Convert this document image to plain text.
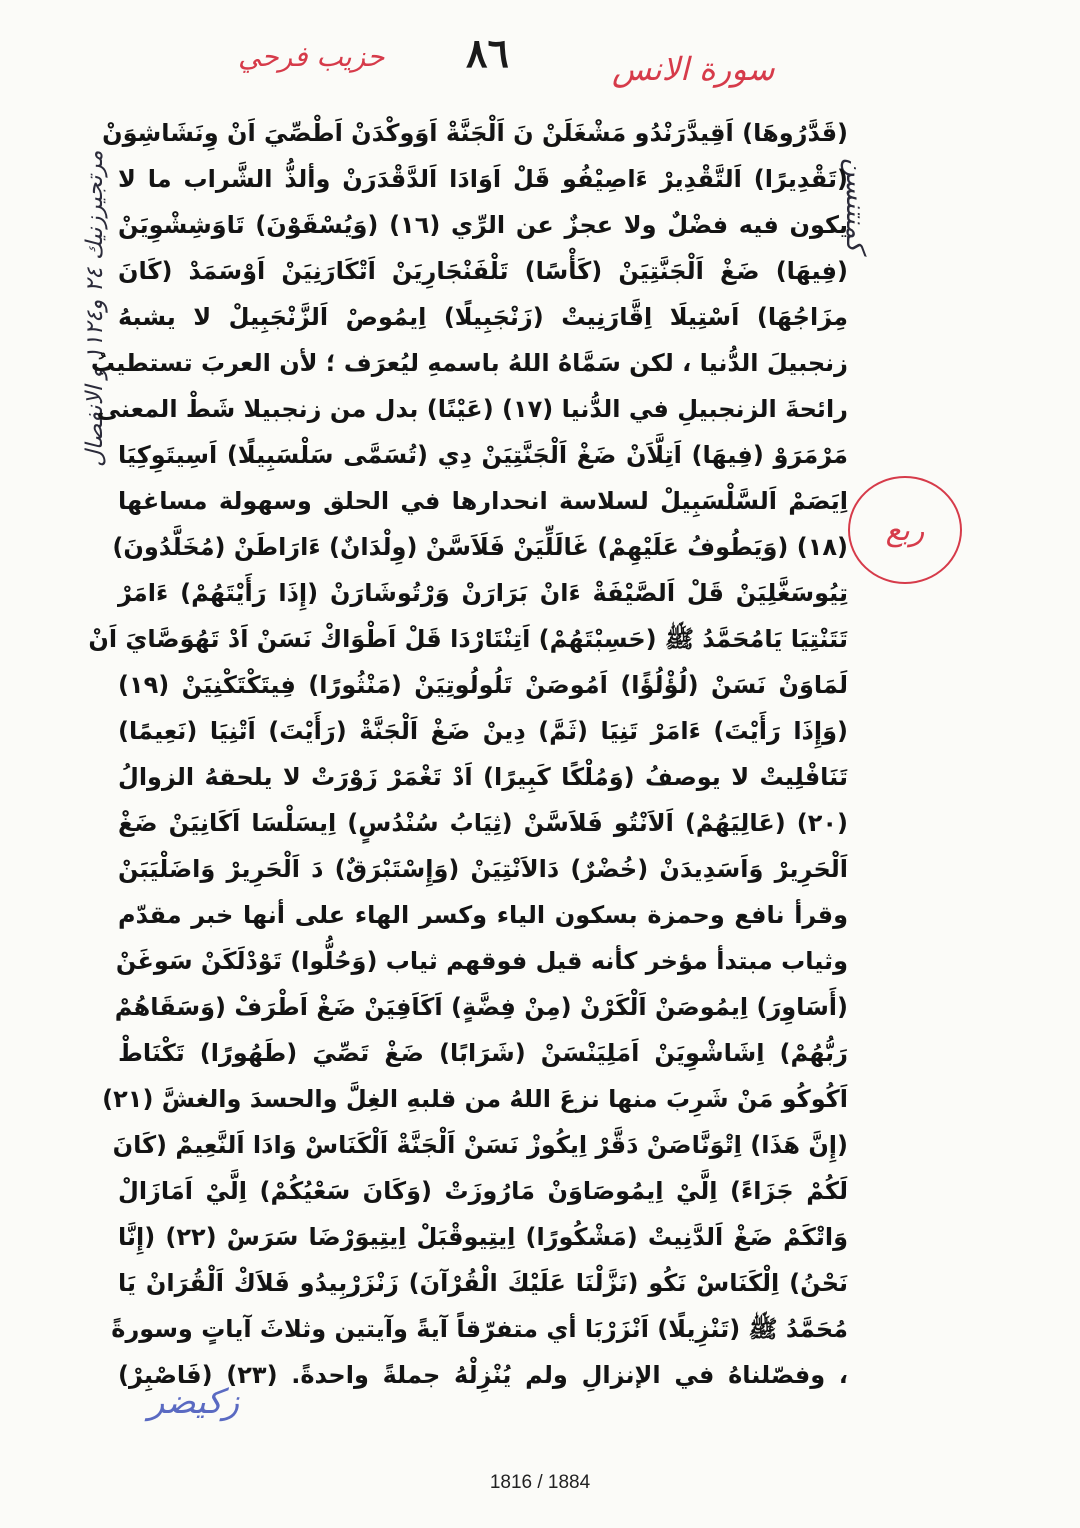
حزيب فرحي ٨٦	سورة الانس
كمنتنسن
مرتجيرزنيك ٢٤ و١١٢٤ و الانفصال
ربع
(قَدَّرُوهَا) اَقِيدَّرَنْدُو مَشْغَلَنْ نَ اَلْجَنَّةْ اَوَوكْدَنْ اَطْصِّيَ اَنْ وِنَشَاشِوَنْ
(تَقْدِيرًا) اَلتَّقْدِيرْ ءَاصِيْفُو قَلْ اَوَادَا اَلدَّقْدَرَنْ وألذُّ الشَّراب ما لا
يكون فيه فضْلٌ ولا عجزٌ عن الرِّي (١٦) (وَيُسْقَوْنَ) تَاوَشِشْوِيَنْ
(فِيهَا) ضَغْ اَلْجَنَّتِيَنْ (كَأْسًا) تَلْفَنْجَارِيَنْ اَتْكَارَنِيَنْ اَوْسَمَدْ (كَانَ
مِزَاجُهَا) اَسْتِيلَا اِقَّارَنِيتْ (زَنْجَبِيلًا) اِيمُوصْ اَلزَّنْجَبِيلْ لا يشبهُ
زنجبيلَ الدُّنيا ، لكن سَمَّاهُ اللهُ باسمهِ ليُعرَف ؛ لأن العربَ تستطيبُ
رائحةَ الزنجبيلِ في الدُّنيا (١٧) (عَيْنًا) بدل من زنجبيلا شَطْ المعنى
مَرْمَرَوْ (فِيهَا) اَتِلَّاَنْ ضَغْ اَلْجَنَّتِيَنْ دِي (تُسَمَّى سَلْسَبِيلًا) اَسِيتَوِكِيَا
اِيَصَمْ اَلسَّلْسَبِيلْ لسلاسة انحدارها في الحلق وسهولة مساغها
(١٨) (وَيَطُوفُ عَلَيْهِمْ) غَالَلِّيَنْ فَلَاَسَّنْ (وِلْدَانٌ) ءَارَاطَنْ (مُخَلَّدُونَ)
تِيُوسَغَّلِيَنْ قَلْ اَلصَّيْفَةْ ءَانْ بَرَارَنْ وَرْتُوشَارَنْ (إِذَا رَأَيْتَهُمْ) ءَامَرْ
تَتَنْتِيَا يَامُحَمَّدُ ﷺ (حَسِبْتَهُمْ) اَتِنْتَارْدَا قَلْ اَطْوَاكْ نَسَنْ اَدْ تَهُوَصَّايَ اَنْ
لَمَاوَنْ نَسَنْ (لُؤْلُؤًا) اَمُوصَنْ تَلُولُوتِيَنْ (مَنْثُورًا) فِيتَكْتَكْنِيَنْ (١٩)
(وَإِذَا رَأَيْتَ) ءَامَرْ تَنِيَا (ثَمَّ) دِينْ ضَغْ اَلْجَنَّةْ (رَأَيْتَ) اَتْنِيَا (نَعِيمًا)
تَنَافْلِيتْ لا يوصفُ (وَمُلْكًا كَبِيرًا) اَدْ تَغْمَرْ زَوْرَتْ لا يلحقهُ الزوالُ
(٢٠) (عَالِيَهُمْ) اَلاَنْتُو فَلاَسَّنْ (ثِيَابُ سُنْدُسٍ) اِيسَلْسَا اَكَانِيَنْ ضَغْ
اَلْحَرِيرْ وَاَسَدِيدَنْ (خُضْرٌ) دَالاَنْتِيَنْ (وَإِسْتَبْرَقٌ) دَ اَلْحَرِيرْ وَاضَلْيَبَنْ
وقرأ نافع وحمزة بسكون الياء وكسر الهاء على أنها خبر مقدّم
وثياب مبتدأ مؤخر كأنه قيل فوقهم ثياب (وَحُلُّوا) تَوْدْلَكَنْ سَوغَنْ
(أَسَاوِرَ) اِيمُوصَنْ اَلْكَرْنْ (مِنْ فِضَّةٍ) اَكَاَفِيَنْ ضَغْ اَطْرَفْ (وَسَقَاهُمْ
رَبُّهُمْ) اِشَاشْوِيَنْ اَمَلِيَنْسَنْ (شَرَابًا) ضَغْ تَصِّيَ (طَهُورًا) تَكْنَاطْ
اَكُوكُو مَنْ شَرِبَ منها نزعَ اللهُ من قلبهِ الغِلَّ والحسدَ والغشَّ (٢١)
(إِنَّ هَذَا) اِتْوَنَّاصَنْ دَقَّرْ اِيكُوزْ نَسَنْ اَلْجَنَّةْ اَلْكَنَاسْ وَادَا اَلنَّعِيمْ (كَانَ
لَكُمْ جَزَاءً) اِلَّيْ اِيمُوصَاوَنْ مَارُوزَتْ (وَكَانَ سَعْيُكُمْ) اِلَّيْ اَمَازَالْ
وَاتْكَمْ ضَغْ اَلدَّنِيتْ (مَشْكُورًا) اِيتِيوقْبَلْ اِيتِيوَرْضَا سَرَسْ (٢٢) (إِنَّا
نَحْنُ) اِلْكَنَاسْ نَكُو (نَزَّلْنَا عَلَيْكَ الْقُرْآنَ) زَنْزَرْبِيدُو فَلاَكْ اَلْقُرَانْ يَا
مُحَمَّدُ ﷺ (تَنْزِيلًا) اَنْزَرْبَا أي متفرّقاً آيةً وآيتين وثلاثَ آياتٍ وسورةً
، وفصّلناهُ في الإنزالِ ولم يُنْزِلْهُ جملةً واحدةً. (٢٣) (فَاصْبِرْ)
زكيضر
1816 / 1884
